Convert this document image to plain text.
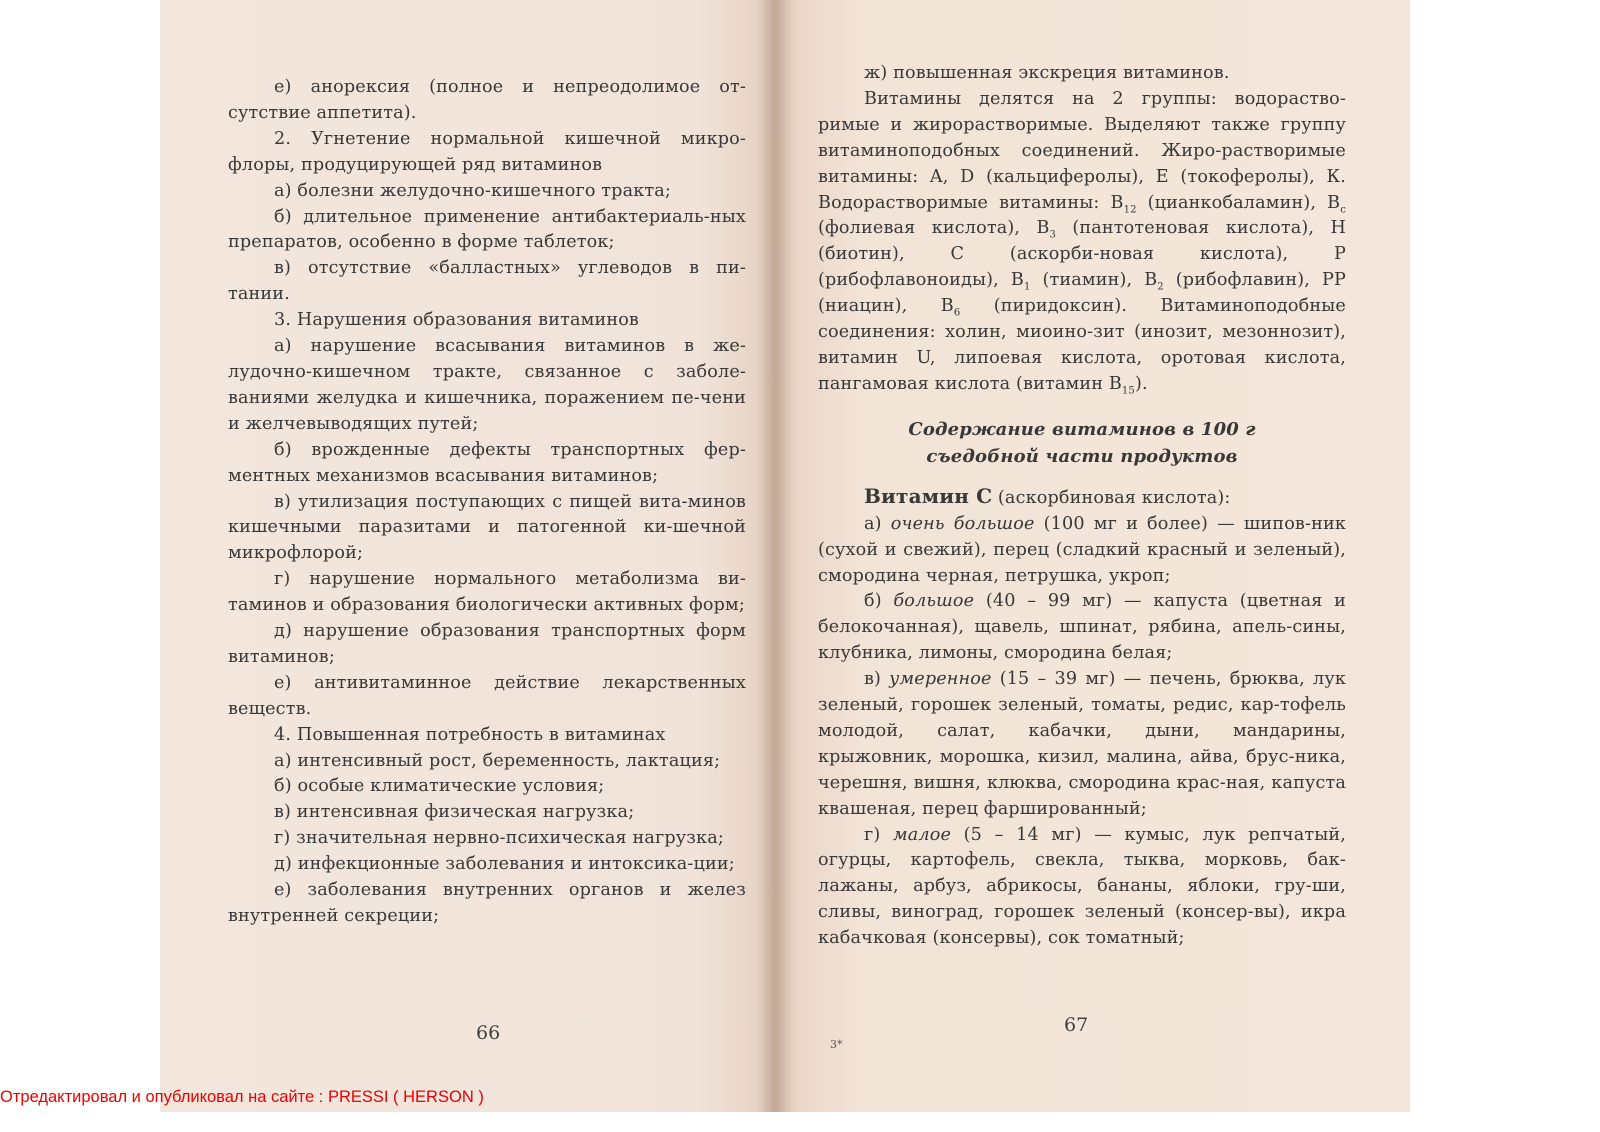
е) анорексия (полное и непреодолимое от-сутствие аппетита).

2. Угнетение нормальной кишечной микро-флоры, продуцирующей ряд витаминов

а) болезни желудочно-кишечного тракта;

б) длительное применение антибактериаль-ных препаратов, особенно в форме таблеток;

в) отсутствие «балластных» углеводов в пи-тании.

3. Нарушения образования витаминов

а) нарушение всасывания витаминов в же-лудочно-кишечном тракте, связанное с заболе-ваниями желудка и кишечника, поражением пе-чени и желчевыводящих путей;

б) врожденные дефекты транспортных фер-ментных механизмов всасывания витаминов;

в) утилизация поступающих с пищей вита-минов кишечными паразитами и патогенной ки-шечной микрофлорой;

г) нарушение нормального метаболизма ви-таминов и образования биологически активных форм;

д) нарушение образования транспортных форм витаминов;

е) антивитаминное действие лекарственных веществ.

4. Повышенная потребность в витаминах

а) интенсивный рост, беременность, лактация;

б) особые климатические условия;

в) интенсивная физическая нагрузка;

г) значительная нервно-психическая нагрузка;

д) инфекционные заболевания и интоксика-ции;

е) заболевания внутренних органов и желез внутренней секреции;

66

ж) повышенная экскреция витаминов.

Витамины делятся на 2 группы: водораство-римые и жирорастворимые. Выделяют также группу витаминоподобных соединений. Жиро-растворимые витамины: A, D (кальциферолы), E (токоферолы), К. Водорастворимые витамины: $B_{12}$ (цианкобаламин), $B_c$ (фолиевая кислота), $B_3$ (пантотеновая кислота), H (биотин), C (аскорби-новая кислота), P (рибофлавоноиды), $B_1$ (тиамин), $B_2$ (рибофлавин), PP (ниацин), $B_6$ (пиридоксин). Витаминоподобные соединения: холин, миоино-зит (инозит, мезоннозит), витамин U, липоевая кислота, оротовая кислота, пангамовая кислота (витамин $B_{15}$).

Содержание витаминов в 100 г
съедобной части продуктов

Витамин C (аскорбиновая кислота):

а) очень большое (100 мг и более) — шипов-ник (сухой и свежий), перец (сладкий красный и зеленый), смородина черная, петрушка, укроп;

б) большое (40 – 99 мг) — капуста (цветная и белокочанная), щавель, шпинат, рябина, апель-сины, клубника, лимоны, смородина белая;

в) умеренное (15 – 39 мг) — печень, брюква, лук зеленый, горошек зеленый, томаты, редис, кар-тофель молодой, салат, кабачки, дыни, мандарины, крыжовник, морошка, кизил, малина, айва, брус-ника, черешня, вишня, клюква, смородина крас-ная, капуста квашеная, перец фаршированный;

г) малое (5 – 14 мг) — кумыс, лук репчатый, огурцы, картофель, свекла, тыква, морковь, бак-лажаны, арбуз, абрикосы, бананы, яблоки, гру-ши, сливы, виноград, горошек зеленый (консер-вы), икра кабачковая (консервы), сок томатный;

3*
67
Отредактировал и опубликовал на сайте : PRESSI ( HERSON )
